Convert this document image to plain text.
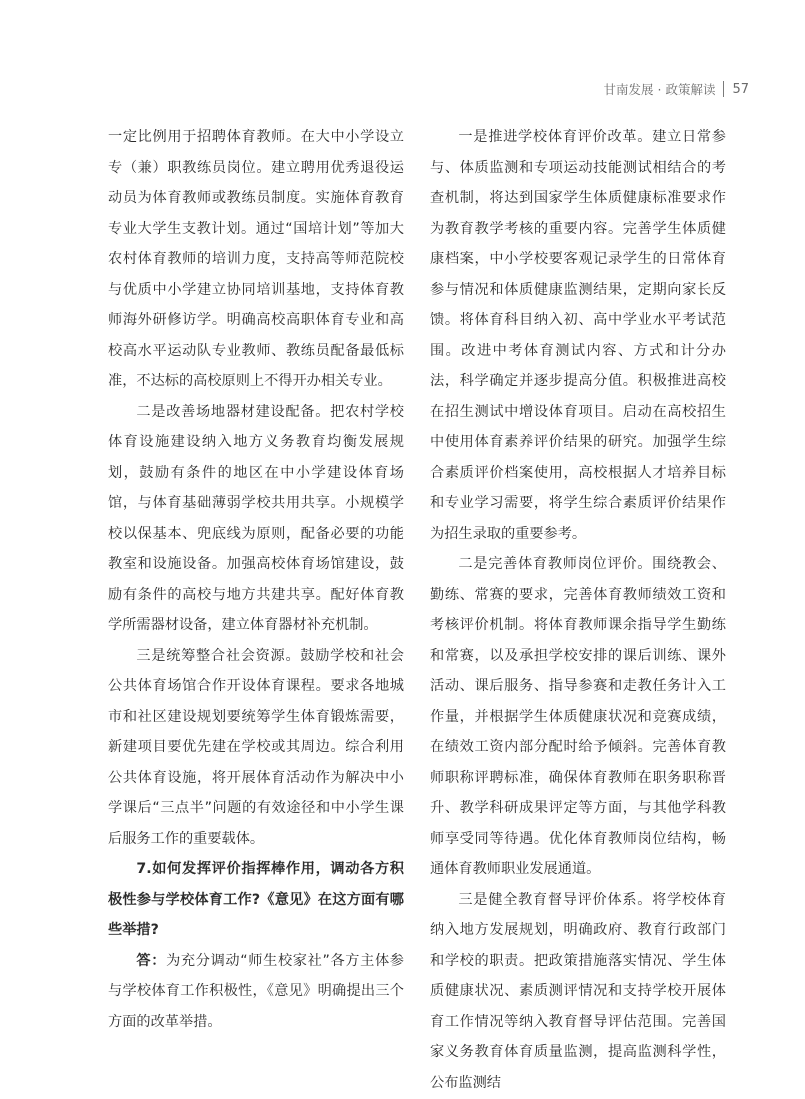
甘南发展 · 政策解读 57

一定比例用于招聘体育教师。在大中小学设立专（兼）职教练员岗位。建立聘用优秀退役运动员为体育教师或教练员制度。实施体育教育专业大学生支教计划。通过“国培计划”等加大农村体育教师的培训力度，支持高等师范院校与优质中小学建立协同培训基地，支持体育教师海外研修访学。明确高校高职体育专业和高校高水平运动队专业教师、教练员配备最低标准，不达标的高校原则上不得开办相关专业。

二是改善场地器材建设配备。把农村学校体育设施建设纳入地方义务教育均衡发展规划，鼓励有条件的地区在中小学建设体育场馆，与体育基础薄弱学校共用共享。小规模学校以保基本、兜底线为原则，配备必要的功能教室和设施设备。加强高校体育场馆建设，鼓励有条件的高校与地方共建共享。配好体育教学所需器材设备，建立体育器材补充机制。

三是统筹整合社会资源。鼓励学校和社会公共体育场馆合作开设体育课程。要求各地城市和社区建设规划要统筹学生体育锻炼需要，新建项目要优先建在学校或其周边。综合利用公共体育设施，将开展体育活动作为解决中小学课后“三点半”问题的有效途径和中小学生课后服务工作的重要载体。

7.如何发挥评价指挥棒作用，调动各方积极性参与学校体育工作?《意见》在这方面有哪些举措?

答：为充分调动“师生校家社”各方主体参与学校体育工作积极性，《意见》明确提出三个方面的改革举措。

一是推进学校体育评价改革。建立日常参与、体质监测和专项运动技能测试相结合的考查机制，将达到国家学生体质健康标准要求作为教育教学考核的重要内容。完善学生体质健康档案，中小学校要客观记录学生的日常体育参与情况和体质健康监测结果，定期向家长反馈。将体育科目纳入初、高中学业水平考试范围。改进中考体育测试内容、方式和计分办法，科学确定并逐步提高分值。积极推进高校在招生测试中增设体育项目。启动在高校招生中使用体育素养评价结果的研究。加强学生综合素质评价档案使用，高校根据人才培养目标和专业学习需要，将学生综合素质评价结果作为招生录取的重要参考。

二是完善体育教师岗位评价。围绕教会、勤练、常赛的要求，完善体育教师绩效工资和考核评价机制。将体育教师课余指导学生勤练和常赛，以及承担学校安排的课后训练、课外活动、课后服务、指导参赛和走教任务计入工作量，并根据学生体质健康状况和竞赛成绩，在绩效工资内部分配时给予倾斜。完善体育教师职称评聘标准，确保体育教师在职务职称晋升、教学科研成果评定等方面，与其他学科教师享受同等待遇。优化体育教师岗位结构，畅通体育教师职业发展通道。

三是健全教育督导评价体系。将学校体育纳入地方发展规划，明确政府、教育行政部门和学校的职责。把政策措施落实情况、学生体质健康状况、素质测评情况和支持学校开展体育工作情况等纳入教育督导评估范围。完善国家义务教育体育质量监测，提高监测科学性，公布监测结
